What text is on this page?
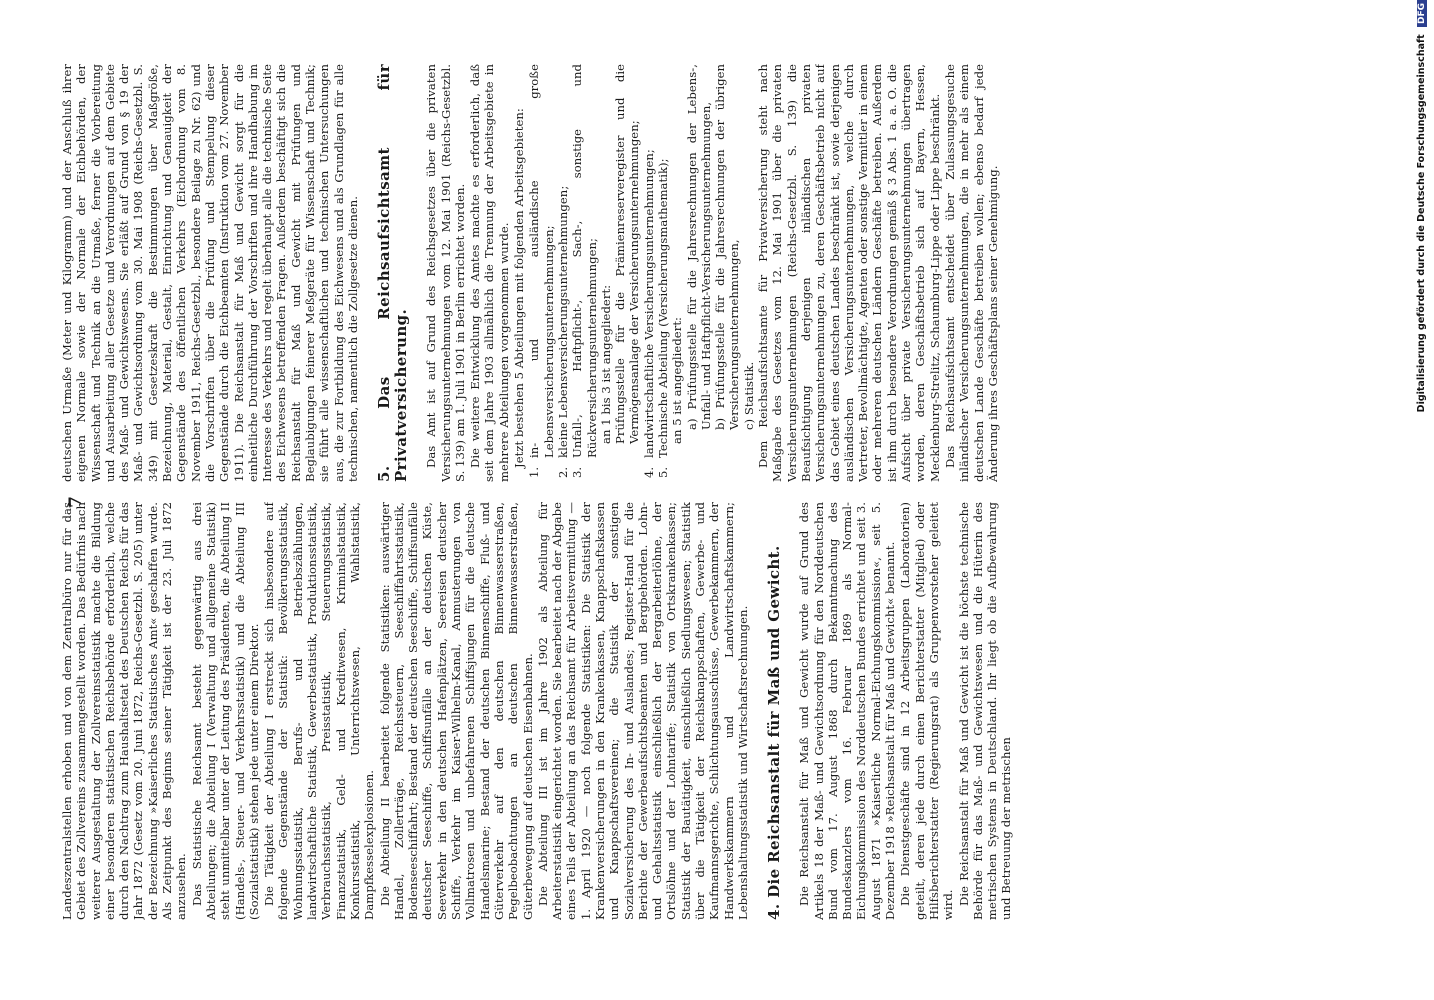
Landeszentralstellen erhoben und von dem Zentralbüro nur für das Gebiet des Zollvereins zusammengestellt worden. Das Bedürfnis nach weiterer Ausgestaltung der Zollvereinsstatistik machte die Bildung einer besonderen statistischen Reichsbehörde erforderlich, welche durch den Nachtrag zum Haushaltsetat des Deutschen Reichs für das Jahr 1872 (Gesetz vom 20. Juni 1872, Reichs-Gesetzbl. S. 205) unter der Bezeichnung »Kaiserliches Statistisches Amt« geschaffen wurde. Als Zeitpunkt des Beginns seiner Tätigkeit ist der 23. Juli 1872 anzusehen. Das Statistische Reichsamt besteht gegenwärtig aus drei Abteilungen; die Abteilung I (Verwaltung und allgemeine Statistik) steht unmittelbar unter der Leitung des Präsidenten, die Abteilung II (Handels-, Steuer- und Verkehrsstatistik) und die Abteilung III (Sozialstatistik) stehen jede unter einem Direktor. Die Tätigkeit der Abteilung I erstreckt sich insbesondere auf folgende Gegenstände der Statistik: Bevölkerungsstatistik, Wohnungsstatistik, Berufs- und Betriebszählungen, landwirtschaftliche Statistik, Gewerbestatistik, Produktionsstatistik, Verbrauchsstatistik, Preisstatistik, Steuerungsstatistik, Finanzstatistik, Geld- und Kreditwesen, Kriminalstatistik, Konkursstatistik, Unterrichtswesen, Wahlstatistik, Dampfkesselexplosionen. Die Abteilung II bearbeitet folgende Statistiken: auswärtiger Handel, Zollerträge, Reichssteuern, Seeschiffahrtsstatistik, Bodenseeschiffahrt; Bestand der deutschen Seeschiffe, Schiffsunfälle deutscher Seeschiffe, Schiffsunfälle an der deutschen Küste, Seeverkehr in den deutschen Hafenplätzen, Seereisen deutscher Schiffe, Verkehr im Kaiser-Wilhelm-Kanal, Anmusterungen von Vollmatrosen und unbefahrenen Schiffsjungen für die deutsche Handelsmarine; Bestand der deutschen Binnenschiffe, Fluß- und Güterverkehr auf den deutschen Binnenwasserstraßen, Pegelbeobachtungen an deutschen Binnenwasserstraßen, Güterbewegung auf deutschen Eisenbahnen. Die Abteilung III ist im Jahre 1902 als Abteilung für Arbeiterstatistik eingerichtet worden. Sie bearbeitet nach der Abgabe eines Teils der Abteilung an das Reichsamt für Arbeitsvermittlung — 1. April 1920 — noch folgende Statistiken: Die Statistik der Krankenversicherungen in den Krankenkassen, Knappschaftskassen und Knappschaftsvereinen; die Statistik der sonstigen Sozialversicherung des In- und Auslandes; Register-Hand für die Berichte der Gewerbeaufsichtsbeamten und Bergbehörden. Lohn- und Gehaltsstatistik einschließlich der Bergarbeiterlöhne, der Ortslöhne und der Lohntarife; Statistik von Ortskrankenkassen; Statistik der Bautätigkeit, einschließlich Siedlungswesen; Statistik über die Tätigkeit der Reichsknappschaften, Gewerbe- und Kaufmannsgerichte, Schlichtungsausschüsse, Gewerbekammern, der Handwerkskammern und Landwirtschaftskammern; Lebenshaltungsstatistik und Wirtschaftsrechnungen. 4. Die Reichsanstalt für Maß und Gewicht. Die Reichsanstalt für Maß und Gewicht wurde auf Grund des Artikels 18 der Maß- und Gewichtsordnung für den Norddeutschen Bund vom 17. August 1868 durch Bekanntmachung des Bundeskanzlers vom 16. Februar 1869 als Normal-Eichungskommission des Norddeutschen Bundes errichtet und seit 3. August 1871 »Kaiserliche Normal-Eichungskommission«, seit 5. Dezember 1918 »Reichsanstalt für Maß und Gewicht« benannt. Die Dienstgeschäfte sind in 12 Arbeitsgruppen (Laboratorien) geteilt, deren jede durch einen Berichterstatter (Mitglied) oder Hilfsberichterstatter (Regierungsrat) als Gruppenvorsteher geleitet wird. Die Reichsanstalt für Maß und Gewicht ist die höchste technische Behörde für das Maß- und Gewichtswesen und die Hüterin des metrischen Systems in Deutschland. Ihr liegt ob die Aufbewahrung und Betreuung der metrischen

7

deutschen Urmaße (Meter und Kilogramm) und der Anschluß ihrer eigenen Normale sowie der Normale der Eichbehörden, der Wissenschaft und Technik an die Urmaße, ferner die Vorbereitung und Ausarbeitung aller Gesetze und Verordnungen auf dem Gebiete des Maß- und Gewichtswesens. Sie erläßt auf Grund von § 19 der Maß- und Gewichtsordnung vom 30. Mai 1908 (Reichs-Gesetzbl. S. 349) mit Gesetzeskraft die Bestimmungen über Maßgröße, Bezeichnung, Material, Gestalt, Einrichtung und Genauigkeit der Gegenstände des öffentlichen Verkehrs (Eichordnung vom 8. November 1911, Reichs-Gesetzbl., besondere Beilage zu Nr. 62) und die Vorschriften über die Prüfung und Stempelung dieser Gegenstände durch die Eichbeamten (Instruktion vom 27. November 1911). Die Reichsanstalt für Maß und Gewicht sorgt für die einheitliche Durchführung der Vorschriften und ihre Handhabung im Interesse des Verkehrs und regelt überhaupt alle die technische Seite des Eichwesens betreffenden Fragen. Außerdem beschäftigt sich die Reichsanstalt für Maß und Gewicht mit Prüfungen und Beglaubigungen feinerer Meßgeräte für Wissenschaft und Technik; sie führt alle wissenschaftlichen und technischen Untersuchungen aus, die zur Fortbildung des Eichwesens und als Grundlagen für alle technischen, namentlich die Zollgesetze dienen. 5. Das Reichsaufsichtsamt für Privatversicherung. Das Amt ist auf Grund des Reichsgesetzes über die privaten Versicherungsunternehmungen vom 12. Mai 1901 (Reichs-Gesetzbl. S. 139) am 1. Juli 1901 in Berlin errichtet worden. Die weitere Entwicklung des Amtes machte es erforderlich, daß seit dem Jahre 1903 allmählich die Trennung der Arbeitsgebiete in mehrere Abteilungen vorgenommen wurde. Jetzt bestehen 5 Abteilungen mit folgenden Arbeitsgebieten:

1.
in- und ausländische große Lebensversicherungsunternehmungen;

2.
kleine Lebensversicherungsunternehmungen;

3.
Unfall-, Haftpflicht-, Sach-, sonstige und Rückversicherungsunternehmungen; an 1 bis 3 ist angegliedert: Prüfungsstelle für die Prämienreserveregister und die Vermögensanlage der Versicherungsunternehmungen;

4.
landwirtschaftliche Versicherungsunternehmungen;

5.
Technische Abteilung (Versicherungsmathematik); an 5 ist angegliedert: a) Prüfungsstelle für die Jahresrechnungen der Lebens-, Unfall- und Haftpflicht-Versicherungsunternehmungen, b) Prüfungsstelle für die Jahresrechnungen der übrigen Versicherungsunternehmungen, c) Statistik. Dem Reichsaufsichtsamte für Privatversicherung steht nach Maßgabe des Gesetzes vom 12. Mai 1901 über die privaten Versicherungsunternehmungen (Reichs-Gesetzbl. S. 139) die Beaufsichtigung derjenigen inländischen privaten Versicherungsunternehmungen zu, deren Geschäftsbetrieb nicht auf das Gebiet eines deutschen Landes beschränkt ist, sowie derjenigen ausländischen Versicherungsunternehmungen, welche durch Vertreter, Bevollmächtigte, Agenten oder sonstige Vermittler in einem oder mehreren deutschen Ländern Geschäfte betreiben. Außerdem ist ihm durch besondere Verordnungen gemäß § 3 Abs. 1 a. a. O. die Aufsicht über private Versicherungsunternehmungen übertragen worden, deren Geschäftsbetrieb sich auf Bayern, Hessen, Mecklenburg-Strelitz, Schaumburg-Lippe oder Lippe beschränkt. Das Reichsaufsichtsamt entscheidet über Zulassungsgesuche inländischer Versicherungsunternehmungen, die in mehr als einem deutschen Lande Geschäfte betreiben wollen; ebenso bedarf jede Änderung ihres Geschäftsplans seiner Genehmigung.	Digitalisierung gefördert durch die Deutsche Forschungsgemeinschaft DFG
